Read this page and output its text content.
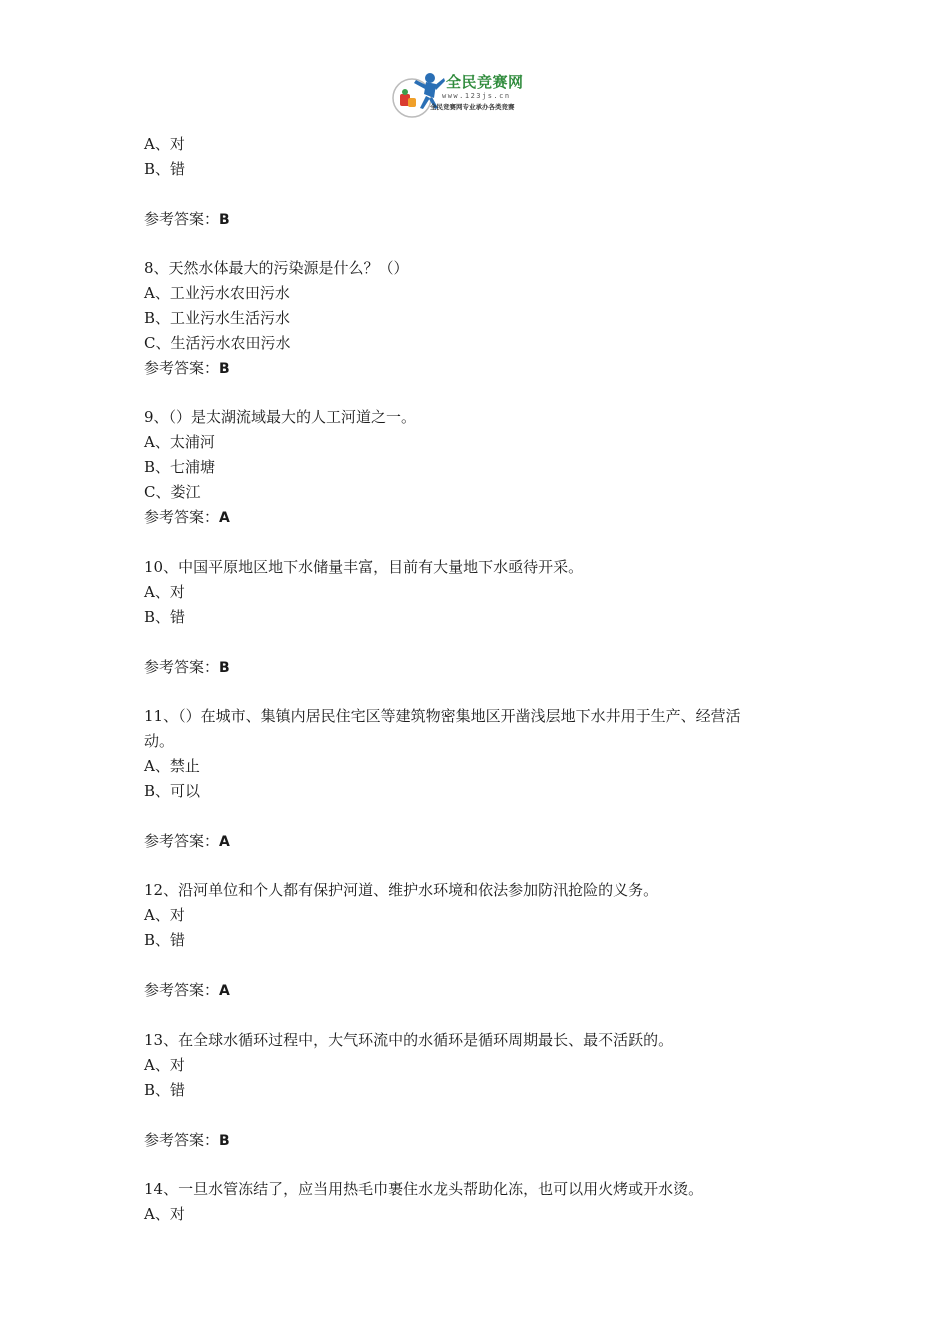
全民竞赛网
www.123js.cn
全民竞赛网专业承办各类竞赛
A、对
B、错
参考答案：B
8、天然水体最大的污染源是什么？（）
A、工业污水农田污水
B、工业污水生活污水
C、生活污水农田污水
参考答案：B
9、（）是太湖流域最大的人工河道之一。
A、太浦河
B、七浦塘
C、娄江
参考答案：A
10、中国平原地区地下水储量丰富，目前有大量地下水亟待开采。
A、对
B、错
参考答案：B
11、（）在城市、集镇内居民住宅区等建筑物密集地区开凿浅层地下水井用于生产、经营活
动。
A、禁止
B、可以
参考答案：A
12、沿河单位和个人都有保护河道、维护水环境和依法参加防汛抢险的义务。
A、对
B、错
参考答案：A
13、在全球水循环过程中，大气环流中的水循环是循环周期最长、最不活跃的。
A、对
B、错
参考答案：B
14、一旦水管冻结了，应当用热毛巾裹住水龙头帮助化冻，也可以用火烤或开水烫。
A、对
